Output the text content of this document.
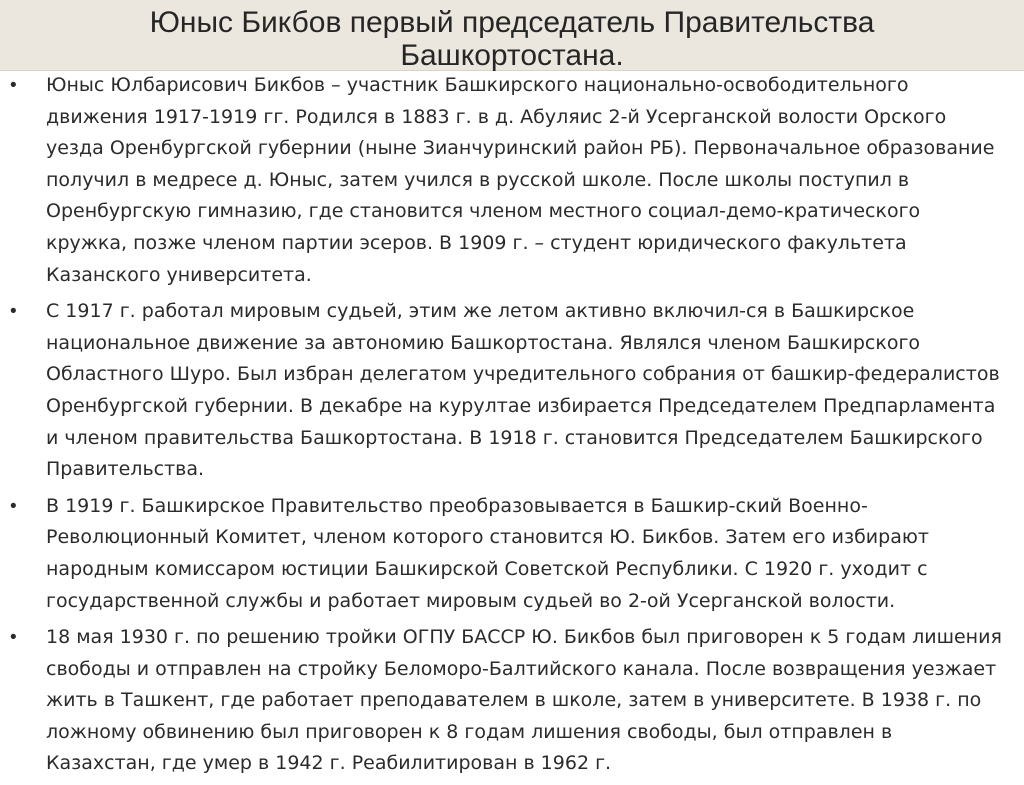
Юныс Бикбов первый председатель Правительства Башкортостана.
•	Юныс Юлбарисович Бикбов – участник Башкирского национально-освободительного движения 1917-1919 гг. Родился в 1883 г. в д. Абуляис 2-й Усерганской волости Орского уезда Оренбургской губернии (ныне Зианчуринский район РБ). Первоначальное образование получил в медресе д. Юныс, затем учился в русской школе. После школы поступил в Оренбургскую гимназию, где становится членом местного социал-демо-кратического кружка, позже членом партии эсеров. В 1909 г. – студент юридического факультета Казанского университета.
•	С 1917 г. работал мировым судьей, этим же летом активно включил-ся в Башкирское национальное движение за автономию Башкортостана. Являлся членом Башкирского Областного Шуро. Был избран делегатом учредительного собрания от башкир-федералистов Оренбургской губернии. В декабре на курултае избирается Председателем Предпарламента и членом правительства Башкортостана. В 1918 г. становится Председателем Башкирского Правительства.
•	В 1919 г. Башкирское Правительство преобразовывается в Башкир-ский Военно-Революционный Комитет, членом которого становится Ю. Бикбов. Затем его избирают народным комиссаром юстиции Башкирской Советской Республики. С 1920 г. уходит с государственной службы и работает мировым судьей во 2-ой Усерганской волости.
•	18 мая 1930 г. по решению тройки ОГПУ БАССР Ю. Бикбов был приговорен к 5 годам лишения свободы и отправлен на стройку Беломоро-Балтийского канала. После возвращения уезжает жить в Ташкент, где работает преподавателем в школе, затем в университете. В 1938 г. по ложному обвинению был приговорен к 8 годам лишения свободы, был отправлен в Казахстан, где умер в 1942 г. Реабилитирован в 1962 г.
